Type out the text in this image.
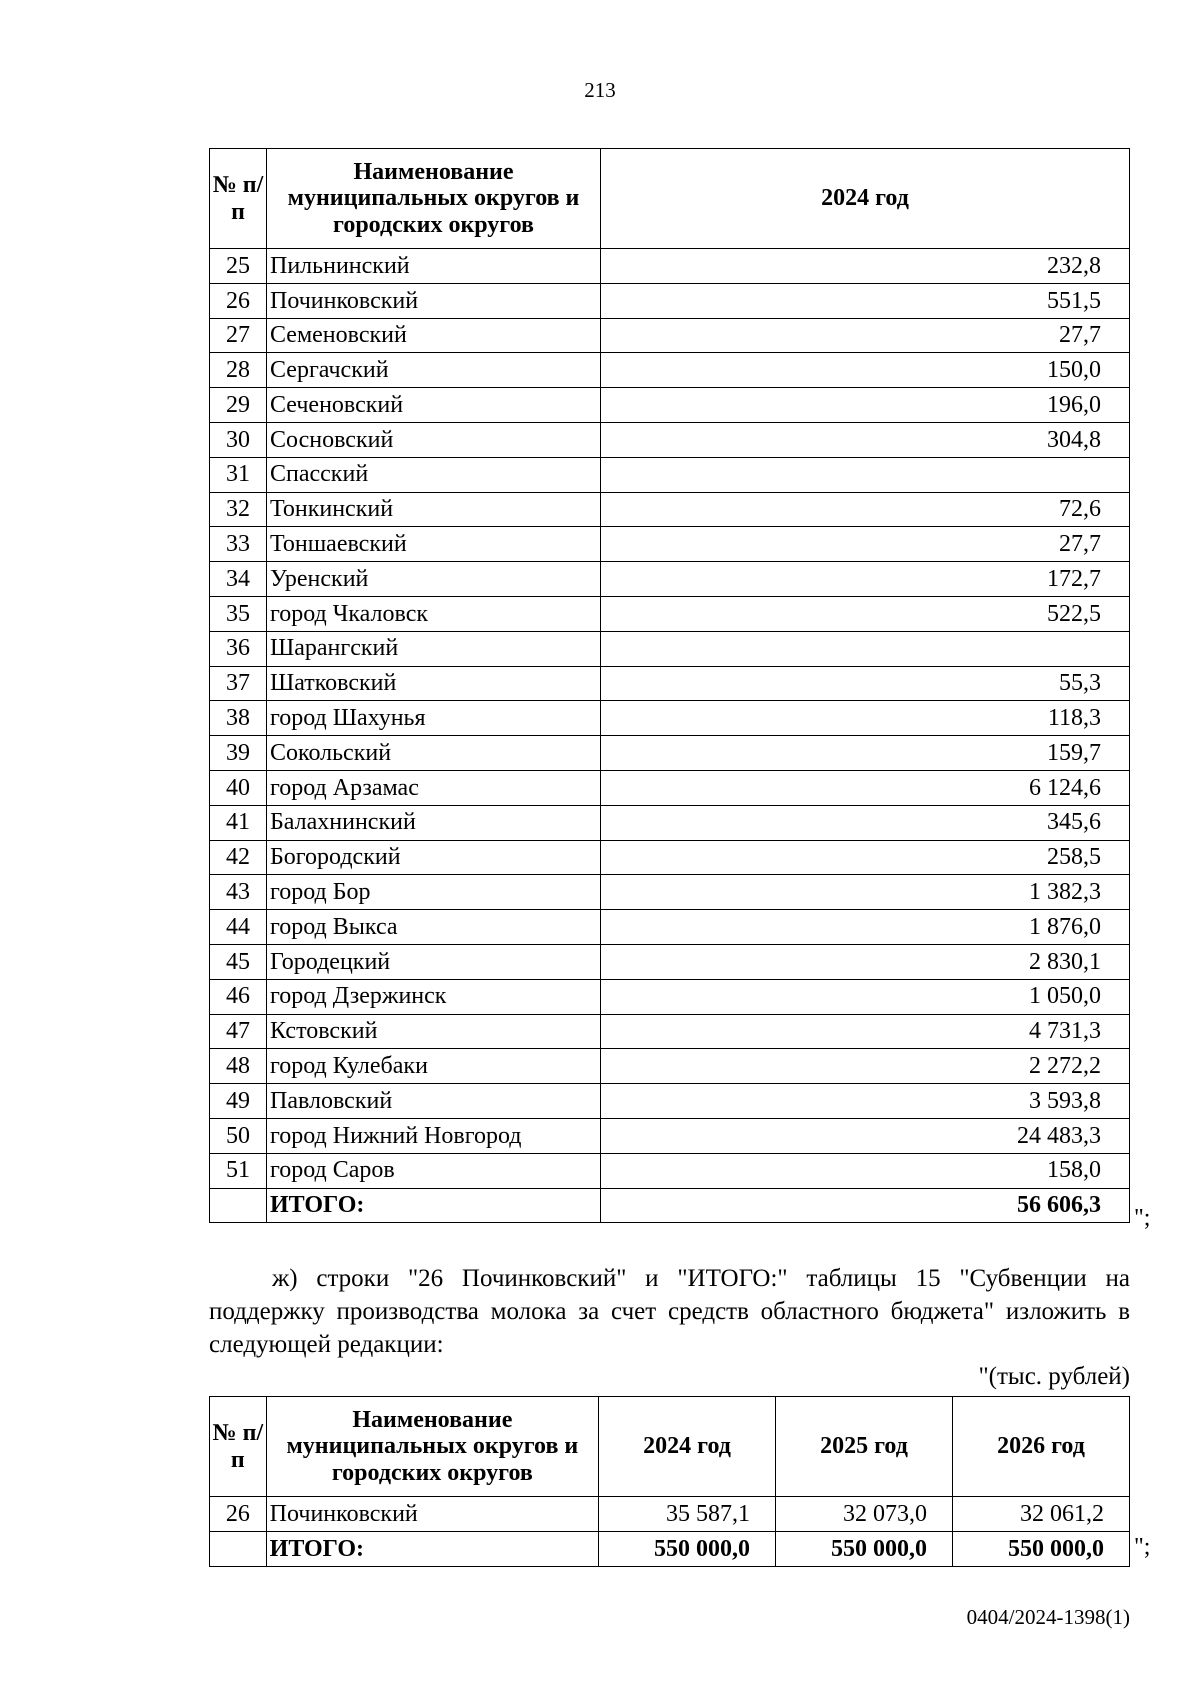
213
№ п/п	Наименование муниципальных округов и городских округов	2024 год
25	Пильнинский	232,8
26	Починковский	551,5
27	Семеновский	27,7
28	Сергачский	150,0
29	Сеченовский	196,0
30	Сосновский	304,8
31	Спасский	
32	Тонкинский	72,6
33	Тоншаевский	27,7
34	Уренский	172,7
35	город Чкаловск	522,5
36	Шарангский	
37	Шатковский	55,3
38	город Шахунья	118,3
39	Сокольский	159,7
40	город Арзамас	6 124,6
41	Балахнинский	345,6
42	Богородский	258,5
43	город Бор	1 382,3
44	город Выкса	1 876,0
45	Городецкий	2 830,1
46	город Дзержинск	1 050,0
47	Кстовский	4 731,3
48	город Кулебаки	2 272,2
49	Павловский	3 593,8
50	город Нижний Новгород	24 483,3
51	город Саров	158,0
	ИТОГО:	56 606,3 ";
ж) строки "26 Починковский" и "ИТОГО:" таблицы 15 "Субвенции на поддержку производства молока за счет средств областного бюджета" изложить в следующей редакции:
"(тыс. рублей)
№ п/п	Наименование муниципальных округов и городских округов	2024 год	2025 год	2026 год
26	Починковский	35 587,1	32 073,0	32 061,2
	ИТОГО:	550 000,0	550 000,0	550 000,0 ";
0404/2024-1398(1)
